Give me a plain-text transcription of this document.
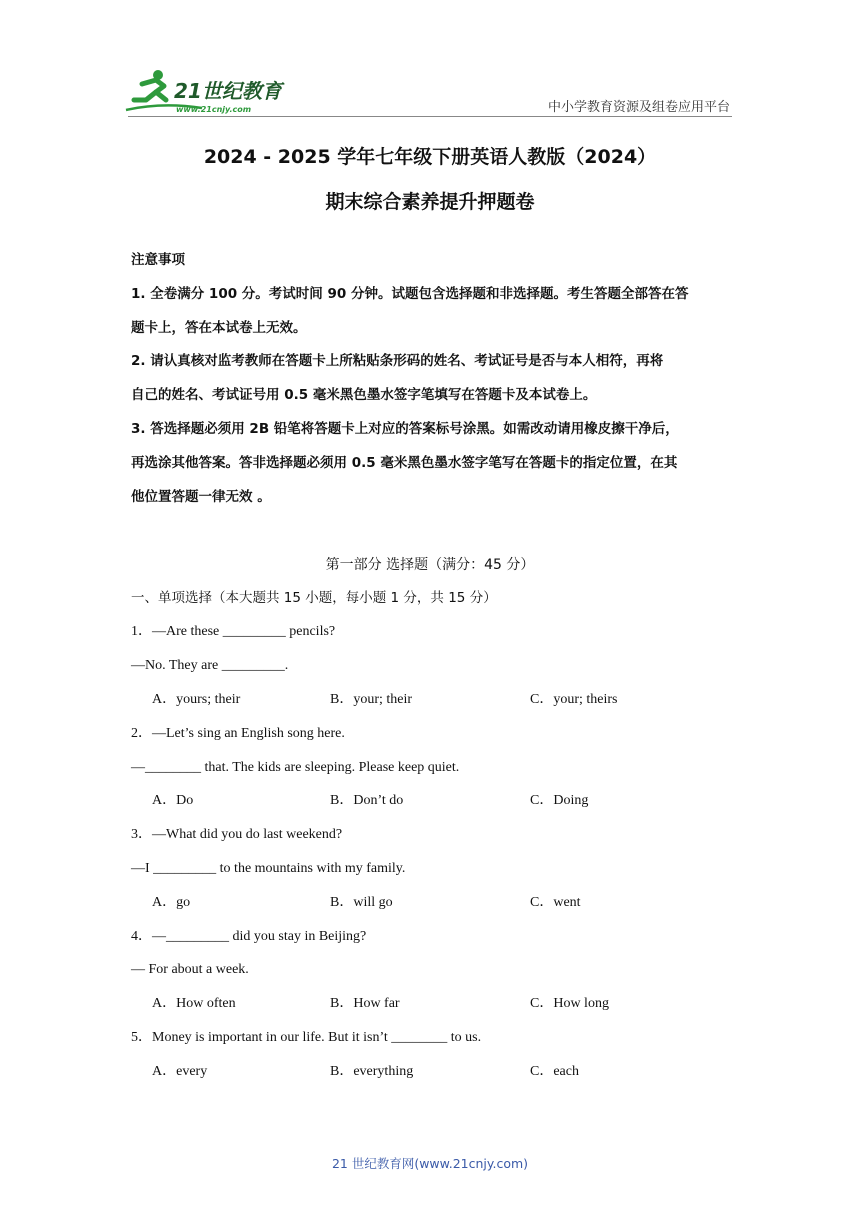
21世纪教育
www.21cnjy.com	中小学教育资源及组卷应用平台
2024 - 2025 学年七年级下册英语人教版（2024）
期末综合素养提升押题卷
注意事项
1. 全卷满分 100 分。考试时间 90 分钟。试题包含选择题和非选择题。考生答题全部答在答
题卡上，答在本试卷上无效。
2. 请认真核对监考教师在答题卡上所粘贴条形码的姓名、考试证号是否与本人相符，再将
自己的姓名、考试证号用 0.5 毫米黑色墨水签字笔填写在答题卡及本试卷上。
3. 答选择题必须用 2B 铅笔将答题卡上对应的答案标号涂黑。如需改动请用橡皮擦干净后，
再选涂其他答案。答非选择题必须用 0.5 毫米黑色墨水签字笔写在答题卡的指定位置，在其
他位置答题一律无效 。
第一部分 选择题（满分：45 分）
一、单项选择（本大题共 15 小题，每小题 1 分，共 15 分）
1．—Are these _________ pencils?
—No. They are _________.
A．yours; their	B．your; their	C．your; theirs
2．—Let’s sing an English song here.
—________ that. The kids are sleeping. Please keep quiet.
A．Do	B．Don’t do	C．Doing
3．—What did you do last weekend?
—I _________ to the mountains with my family.
A．go	B．will go	C．went
4．—_________ did you stay in Beijing?
— For about a week.
A．How often	B．How far	C．How long
5．Money is important in our life. But it isn’t ________ to us.
A．every	B．everything	C．each
21 世纪教育网(www.21cnjy.com)
